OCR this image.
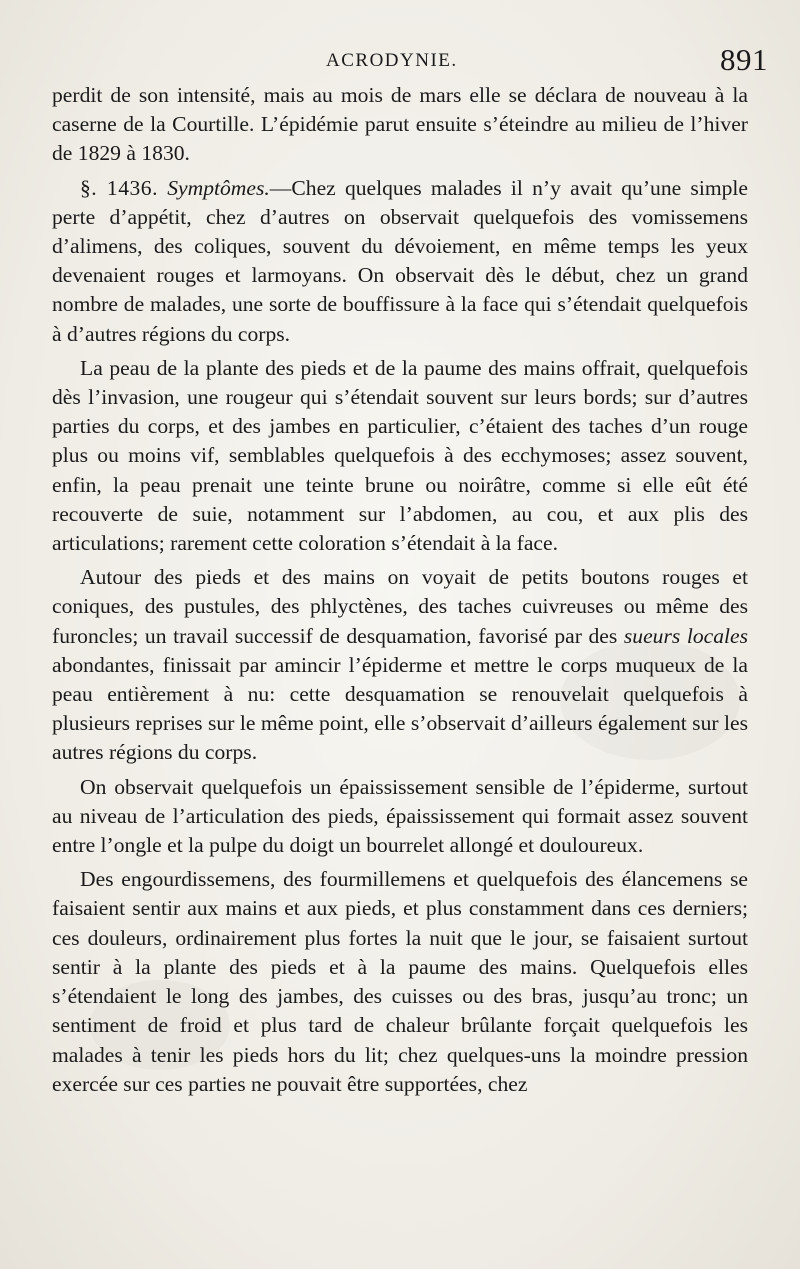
ACRODYNIE.	891

perdit de son intensité, mais au mois de mars elle se déclara de nouveau à la caserne de la Courtille. L’épidémie parut ensuite s’éteindre au milieu de l’hiver de 1829 à 1830.

§. 1436. Symptômes.—Chez quelques malades il n’y avait qu’une simple perte d’appétit, chez d’autres on observait quelquefois des vomissemens d’alimens, des coliques, souvent du dévoiement, en même temps les yeux devenaient rouges et larmoyans. On observait dès le début, chez un grand nombre de malades, une sorte de bouffissure à la face qui s’étendait quelquefois à d’autres régions du corps.

La peau de la plante des pieds et de la paume des mains offrait, quelquefois dès l’invasion, une rougeur qui s’étendait souvent sur leurs bords; sur d’autres parties du corps, et des jambes en particulier, c’étaient des taches d’un rouge plus ou moins vif, semblables quelquefois à des ecchymoses; assez souvent, enfin, la peau prenait une teinte brune ou noirâtre, comme si elle eût été recouverte de suie, notamment sur l’abdomen, au cou, et aux plis des articulations; rarement cette coloration s’étendait à la face.

Autour des pieds et des mains on voyait de petits boutons rouges et coniques, des pustules, des phlyctènes, des taches cuivreuses ou même des furoncles; un travail successif de desquamation, favorisé par des sueurs locales abondantes, finissait par amincir l’épiderme et mettre le corps muqueux de la peau entièrement à nu: cette desquamation se renouvelait quelquefois à plusieurs reprises sur le même point, elle s’observait d’ailleurs également sur les autres régions du corps.

On observait quelquefois un épaississement sensible de l’épiderme, surtout au niveau de l’articulation des pieds, épaississement qui formait assez souvent entre l’ongle et la pulpe du doigt un bourrelet allongé et douloureux.

Des engourdissemens, des fourmillemens et quelquefois des élancemens se faisaient sentir aux mains et aux pieds, et plus constamment dans ces derniers; ces douleurs, ordinairement plus fortes la nuit que le jour, se faisaient surtout sentir à la plante des pieds et à la paume des mains. Quelquefois elles s’étendaient le long des jambes, des cuisses ou des bras, jusqu’au tronc; un sentiment de froid et plus tard de chaleur brûlante forçait quelquefois les malades à tenir les pieds hors du lit; chez quelques-uns la moindre pression exercée sur ces parties ne pouvait être supportées, chez
